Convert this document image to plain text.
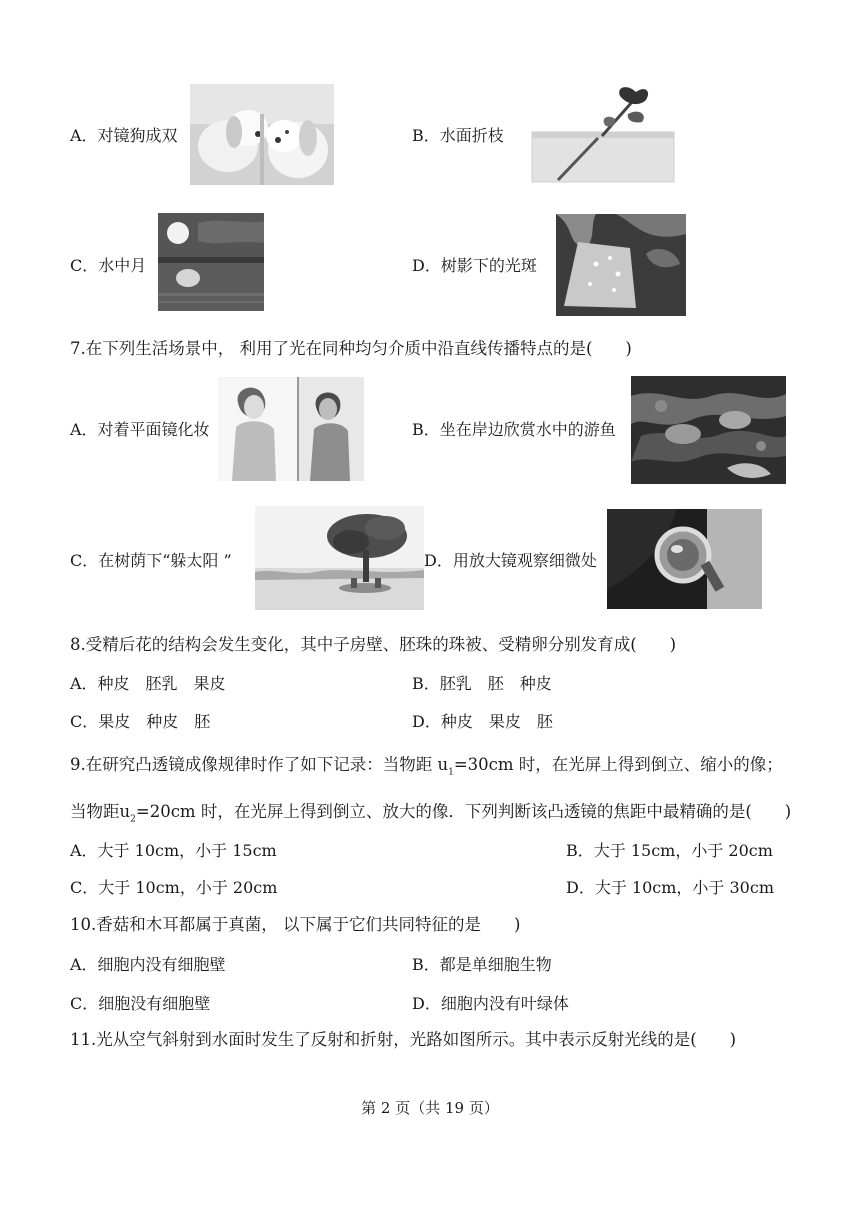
A．对镜狗成双	B．水面折枝
C．水中月	D．树影下的光斑
7.在下列生活场景中， 利用了光在同种均匀介质中沿直线传播特点的是(　　)
A．对着平面镜化妆	B．坐在岸边欣赏水中的游鱼
C．在树荫下“躲太阳 ”	D．用放大镜观察细微处
8.受精后花的结构会发生变化，其中子房壁、胚珠的珠被、受精卵分别发育成(　　)
A．种皮　胚乳　果皮	B．胚乳　胚　种皮
C．果皮　种皮　胚	D．种皮　果皮　胚
9.在研究凸透镜成像规律时作了如下记录：当物距 $u_1=30cm$ 时，在光屏上得到倒立、缩小的像；
当物距$u_2=20cm$ 时，在光屏上得到倒立、放大的像．下列判断该凸透镜的焦距中最精确的是(　　)
A．大于 10cm，小于 15cm	B．大于 15cm，小于 20cm
C．大于 10cm，小于 20cm	D．大于 10cm，小于 30cm
10.香菇和木耳都属于真菌， 以下属于它们共同特征的是　　)
A．细胞内没有细胞壁	B．都是单细胞生物
C．细胞没有细胞壁	D．细胞内没有叶绿体
11.光从空气斜射到水面时发生了反射和折射，光路如图所示。其中表示反射光线的是(　　)
第 2 页（共 19 页）
